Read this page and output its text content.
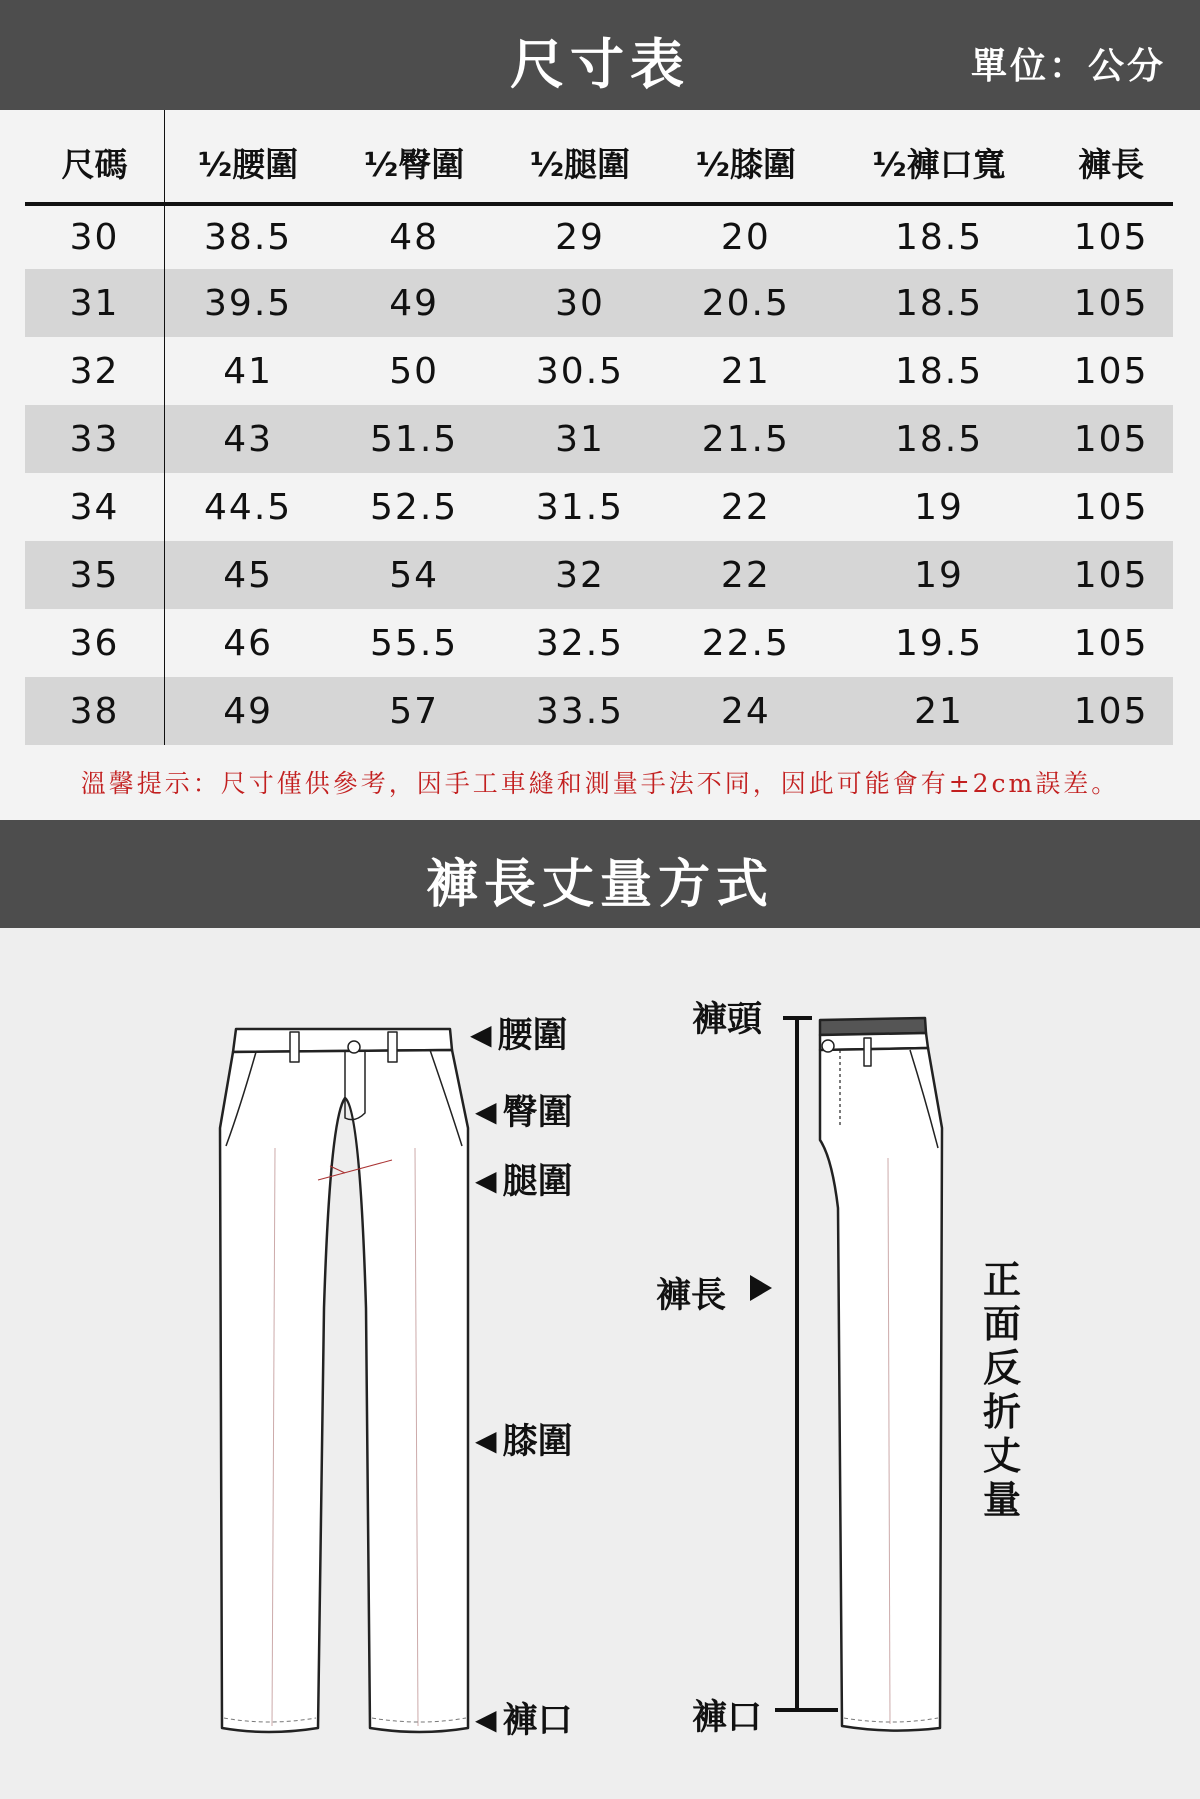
尺寸表	單位：公分
尺碼	½腰圍	½臀圍	½腿圍	½膝圍	½褲口寬	褲長
30	38.5	48	29	20	18.5	105
31	39.5	49	30	20.5	18.5	105
32	41	50	30.5	21	18.5	105
33	43	51.5	31	21.5	18.5	105
34	44.5	52.5	31.5	22	19	105
35	45	54	32	22	19	105
36	46	55.5	32.5	22.5	19.5	105
38	49	57	33.5	24	21	105
溫馨提示：尺寸僅供參考，因手工車縫和測量手法不同，因此可能會有±2cm誤差。
褲長丈量方式
◀ 腰圍
◀ 臀圍
◀ 腿圍
◀ 膝圍
◀ 褲口
褲頭
褲長
褲口
正面反折丈量
